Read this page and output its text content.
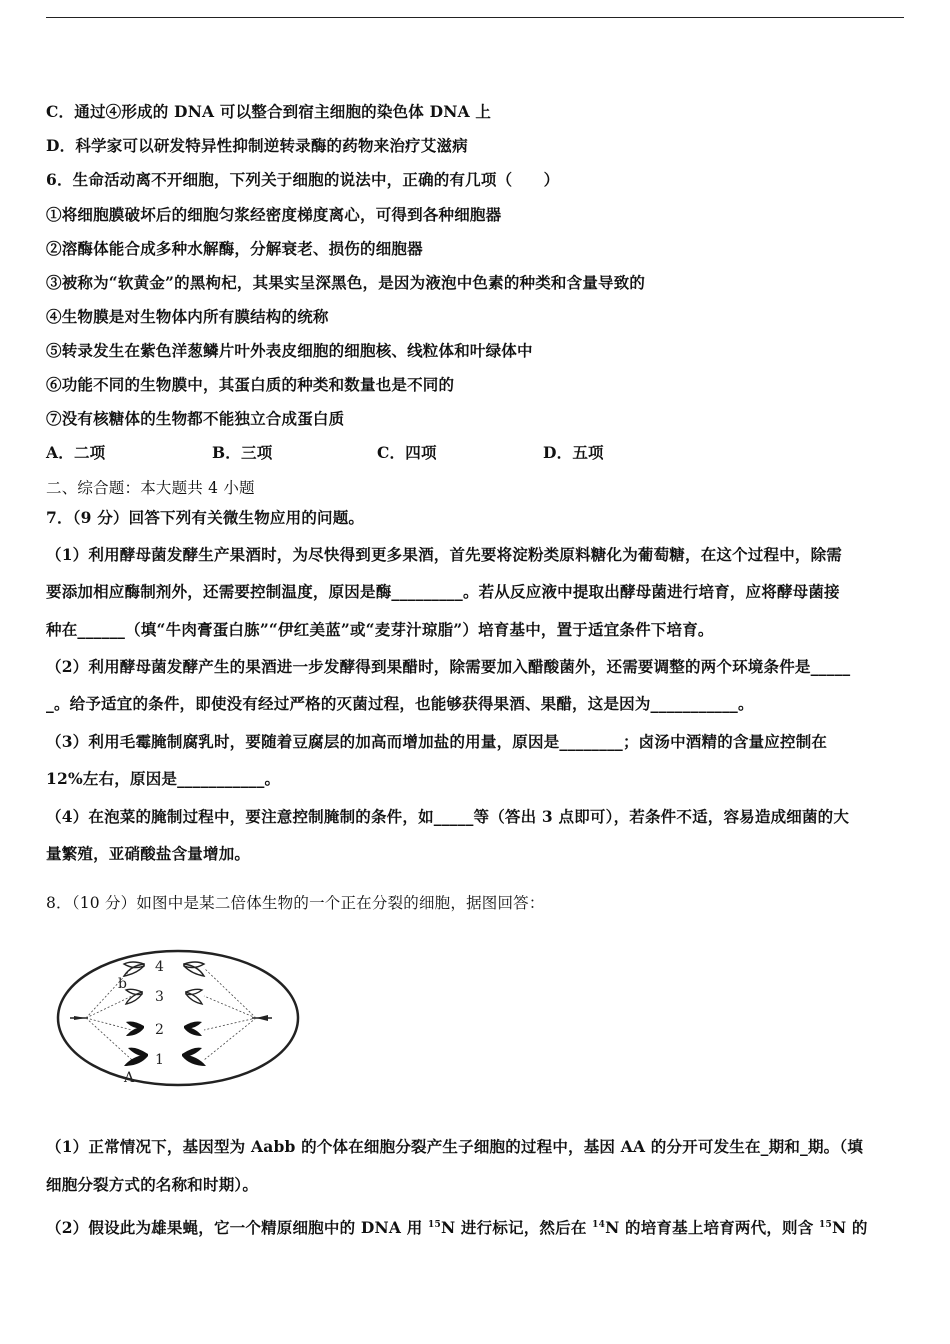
C．通过④形成的 DNA 可以整合到宿主细胞的染色体 DNA 上
D．科学家可以研发特异性抑制逆转录酶的药物来治疗艾滋病
6．生命活动离不开细胞，下列关于细胞的说法中，正确的有几项（　　）
①将细胞膜破坏后的细胞匀浆经密度梯度离心，可得到各种细胞器
②溶酶体能合成多种水解酶，分解衰老、损伤的细胞器
③被称为“软黄金”的黑枸杞，其果实呈深黑色，是因为液泡中色素的种类和含量导致的
④生物膜是对生物体内所有膜结构的统称
⑤转录发生在紫色洋葱鳞片叶外表皮细胞的细胞核、线粒体和叶绿体中
⑥功能不同的生物膜中，其蛋白质的种类和数量也是不同的
⑦没有核糖体的生物都不能独立合成蛋白质
A．二项	B．三项	C．四项	D．五项
二、综合题：本大题共 4 小题
7．（9 分）回答下列有关微生物应用的问题。
（1）利用酵母菌发酵生产果酒时，为尽快得到更多果酒，首先要将淀粉类原料糖化为葡萄糖，在这个过程中，除需
要添加相应酶制剂外，还需要控制温度，原因是酶_________。若从反应液中提取出酵母菌进行培育，应将酵母菌接
种在______（填“牛肉膏蛋白胨”“伊红美蓝”或“麦芽汁琼脂”）培育基中，置于适宜条件下培育。
（2）利用酵母菌发酵产生的果酒进一步发酵得到果醋时，除需要加入醋酸菌外，还需要调整的两个环境条件是_____
_。给予适宜的条件，即使没有经过严格的灭菌过程，也能够获得果酒、果醋，这是因为___________。
（3）利用毛霉腌制腐乳时，要随着豆腐层的加高而增加盐的用量，原因是________；卤汤中酒精的含量应控制在
12%左右，原因是___________。
（4）在泡菜的腌制过程中，要注意控制腌制的条件，如_____等（答出 3 点即可），若条件不适，容易造成细菌的大
量繁殖，亚硝酸盐含量增加。
8．（10 分）如图中是某二倍体生物的一个正在分裂的细胞，据图回答：
4
b
3
2
1
A
（1）正常情况下，基因型为 Aabb 的个体在细胞分裂产生子细胞的过程中，基因 AA 的分开可发生在_期和_期。（填
细胞分裂方式的名称和时期）。
（2）假设此为雄果蝇，它一个精原细胞中的 DNA 用 $^{15}$N 进行标记，然后在 $^{14}$N 的培育基上培育两代，则含 $^{15}$N 的
